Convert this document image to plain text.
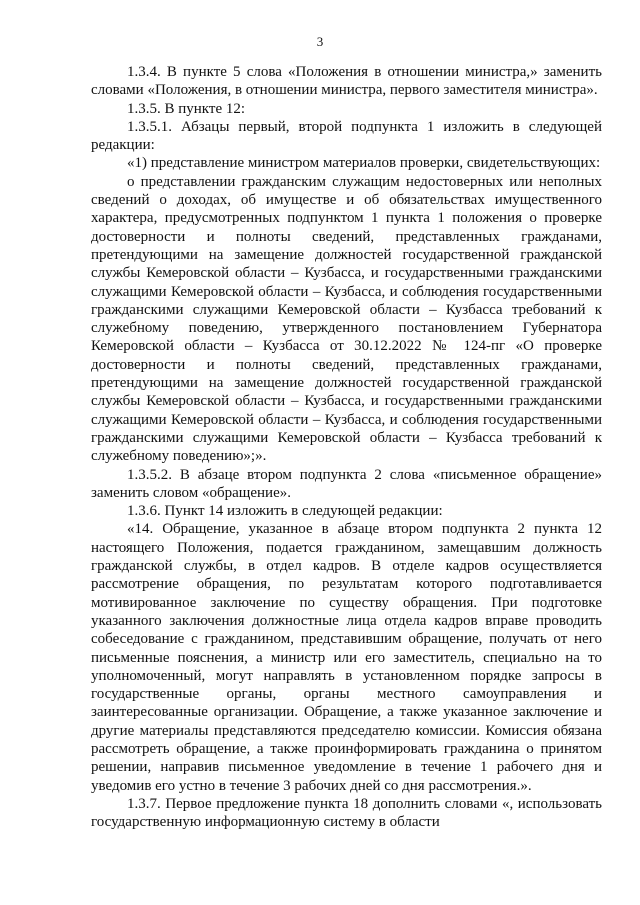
3

1.3.4. В пункте 5 слова «Положения в отношении министра,» заменить словами «Положения, в отношении министра, первого заместителя министра».

1.3.5. В пункте 12:

1.3.5.1. Абзацы первый, второй подпункта 1 изложить в следующей редакции:

«1) представление министром материалов проверки, свидетельствующих:

о представлении гражданским служащим недостоверных или неполных сведений о доходах, об имуществе и об обязательствах имущественного характера, предусмотренных подпунктом 1 пункта 1 положения о проверке достоверности и полноты сведений, представленных гражданами, претендующими на замещение должностей государственной гражданской службы Кемеровской области – Кузбасса, и государственными гражданскими служащими Кемеровской области – Кузбасса, и соблюдения государственными гражданскими служащими Кемеровской области – Кузбасса требований к служебному поведению, утвержденного постановлением Губернатора Кемеровской области – Кузбасса от 30.12.2022 № 124-пг «О проверке достоверности и полноты сведений, представленных гражданами, претендующими на замещение должностей государственной гражданской службы Кемеровской области – Кузбасса, и государственными гражданскими служащими Кемеровской области – Кузбасса, и соблюдения государственными гражданскими служащими Кемеровской области – Кузбасса требований к служебному поведению»;».

1.3.5.2. В абзаце втором подпункта 2 слова «письменное обращение» заменить словом «обращение».

1.3.6. Пункт 14 изложить в следующей редакции:

«14. Обращение, указанное в абзаце втором подпункта 2 пункта 12 настоящего Положения, подается гражданином, замещавшим должность гражданской службы, в отдел кадров. В отделе кадров осуществляется рассмотрение обращения, по результатам которого подготавливается мотивированное заключение по существу обращения. При подготовке указанного заключения должностные лица отдела кадров вправе проводить собеседование с гражданином, представившим обращение, получать от него письменные пояснения, а министр или его заместитель, специально на то уполномоченный, могут направлять в установленном порядке запросы в государственные органы, органы местного самоуправления и заинтересованные организации. Обращение, а также указанное заключение и другие материалы представляются председателю комиссии. Комиссия обязана рассмотреть обращение, а также проинформировать гражданина о принятом решении, направив письменное уведомление в течение 1 рабочего дня и уведомив его устно в течение 3 рабочих дней со дня рассмотрения.».

1.3.7. Первое предложение пункта 18 дополнить словами «, использовать государственную информационную систему в области
